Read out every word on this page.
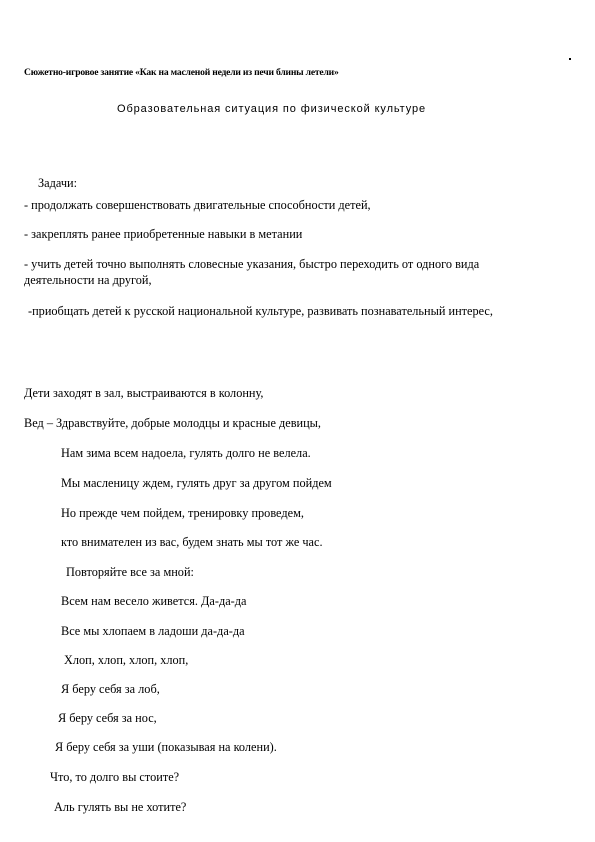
Сюжетно-игровое занятие «Как на масленой недели из печи блины летели»
Образовательная ситуация по физической культуре
Задачи:
- продолжать совершенствовать двигательные способности детей,
- закреплять ранее приобретенные навыки в метании
- учить детей точно выполнять словесные указания, быстро переходить от одного вида
деятельности на другой,
-приобщать детей к русской национальной культуре, развивать познавательный интерес,
Дети заходят в зал, выстраиваются в колонну,
Вед – Здравствуйте, добрые молодцы и красные девицы,
Нам зима всем надоела, гулять долго не велела.
Мы масленицу ждем, гулять друг за другом пойдем
Но прежде чем пойдем, тренировку проведем,
кто внимателен из вас, будем знать мы тот же час.
Повторяйте все за мной:
Всем нам весело живется. Да-да-да
Все мы хлопаем в ладоши да-да-да
Хлоп, хлоп, хлоп, хлоп,
Я беру себя за лоб,
Я беру себя за нос,
Я беру себя за уши (показывая на колени).
Что, то долго вы стоите?
Аль гулять вы не хотите?
